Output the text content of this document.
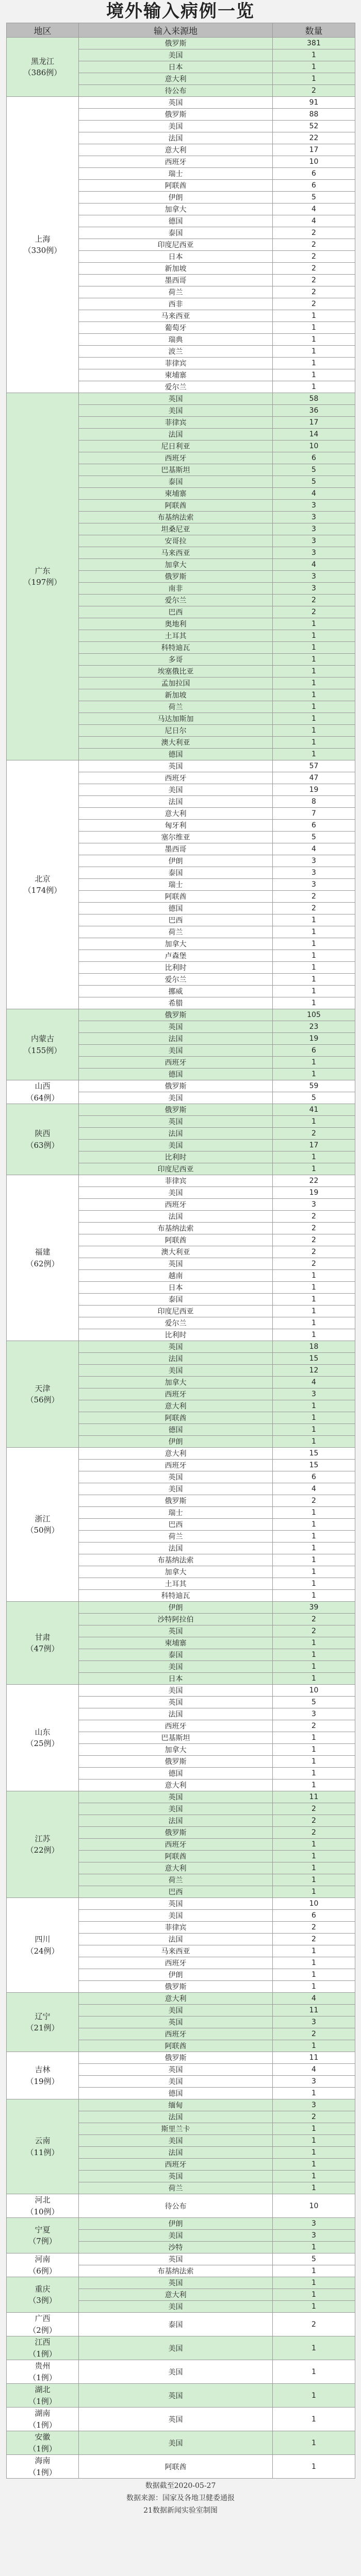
境外输入病例一览
地区	输入来源地	数量

黑龙江
（386例）	俄罗斯	381
	美国	1
	日本	1
	意大利	1
	待公布	2

上海
（330例）	英国	91
	俄罗斯	88
	美国	52
	法国	22
	意大利	17
	西班牙	10
	瑞士	6
	阿联酋	6
	伊朗	5
	加拿大	4
	德国	4
	泰国	2
	印度尼西亚	2
	日本	2
	新加坡	2
	墨西哥	2
	荷兰	2
	西非	2
	马来西亚	1
	葡萄牙	1
	瑞典	1
	波兰	1
	菲律宾	1
	柬埔寨	1
	爱尔兰	1

广东
（197例）	英国	58
	美国	36
	菲律宾	17
	法国	14
	尼日利亚	10
	西班牙	6
	巴基斯坦	5
	泰国	5
	柬埔寨	4
	阿联酋	3
	布基纳法索	3
	坦桑尼亚	3
	安哥拉	3
	马来西亚	3
	加拿大	4
	俄罗斯	3
	南非	3
	爱尔兰	2
	巴西	2
	奥地利	1
	土耳其	1
	科特迪瓦	1
	多哥	1
	埃塞俄比亚	1
	孟加拉国	1
	新加坡	1
	荷兰	1
	马达加斯加	1
	尼日尔	1
	澳大利亚	1
	德国	1

北京
（174例）	英国	57
	西班牙	47
	美国	19
	法国	8
	意大利	7
	匈牙利	6
	塞尔维亚	5
	墨西哥	4
	伊朗	3
	泰国	3
	瑞士	3
	阿联酋	2
	德国	2
	巴西	1
	荷兰	1
	加拿大	1
	卢森堡	1
	比利时	1
	爱尔兰	1
	挪威	1
	希腊	1

内蒙古
（155例）	俄罗斯	105
	英国	23
	法国	19
	美国	6
	西班牙	1
	德国	1

山西
（64例）	俄罗斯	59
	美国	5

陕西
（63例）	俄罗斯	41
	英国	1
	法国	2
	美国	17
	比利时	1
	印度尼西亚	1

福建
（62例）	菲律宾	22
	美国	19
	西班牙	3
	法国	2
	布基纳法索	2
	阿联酋	2
	澳大利亚	2
	英国	2
	越南	1
	日本	1
	泰国	1
	印度尼西亚	1
	爱尔兰	1
	比利时	1

天津
（56例）	英国	18
	法国	15
	美国	12
	加拿大	4
	西班牙	3
	意大利	1
	阿联酋	1
	德国	1
	伊朗	1

浙江
（50例）	意大利	15
	西班牙	15
	英国	6
	美国	4
	俄罗斯	2
	瑞士	1
	巴西	1
	荷兰	1
	法国	1
	布基纳法索	1
	加拿大	1
	土耳其	1
	科特迪瓦	1

甘肃
（47例）	伊朗	39
	沙特阿拉伯	2
	英国	2
	柬埔寨	1
	泰国	1
	美国	1
	日本	1

山东
（25例）	美国	10
	英国	5
	法国	3
	西班牙	2
	巴基斯坦	1
	加拿大	1
	俄罗斯	1
	德国	1
	意大利	1

江苏
（22例）	英国	11
	美国	2
	法国	2
	俄罗斯	2
	西班牙	1
	阿联酋	1
	意大利	1
	荷兰	1
	巴西	1

四川
（24例）	英国	10
	美国	6
	菲律宾	2
	法国	2
	马来西亚	1
	西班牙	1
	伊朗	1
	俄罗斯	1

辽宁
（21例）	意大利	4
	美国	11
	英国	3
	西班牙	2
	阿联酋	1

吉林
（19例）	俄罗斯	11
	英国	4
	美国	3
	德国	1

云南
（11例）	缅甸	3
	法国	2
	斯里兰卡	1
	美国	1
	法国	1
	西班牙	1
	英国	1
	荷兰	1

河北
（10例）	待公布	10

宁夏
（7例）	伊朗	3
	美国	3
	沙特	1

河南
（6例）	英国	5
	布基纳法索	1

重庆
（3例）	英国	1
	意大利	1
	美国	1

广西
（2例）	泰国	2

江西
（1例）	美国	1

贵州
（1例）	美国	1

湖北
（1例）	英国	1

湖南
（1例）	英国	1

安徽
（1例）	美国	1

海南
（1例）	阿联酋	1
数据截至2020-05-27
数据来源：国家及各地卫健委通报
21数据新闻实验室制图
